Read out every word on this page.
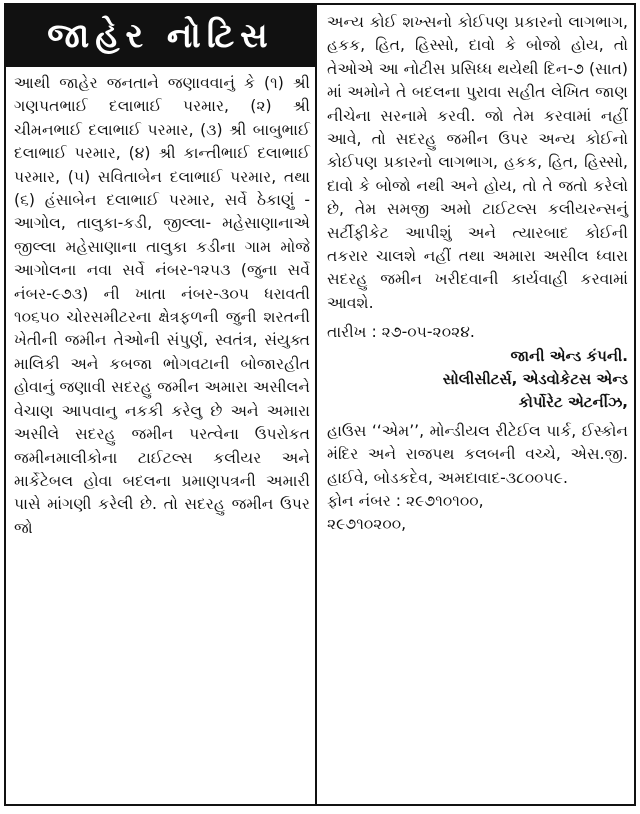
જાહેર નોટિસ

આથી જાહેર જનતાને જણાવવાનું કે (૧) શ્રી ગણપતભાઈ દલાભાઈ પરમાર, (૨) શ્રી ચીમનભાઈ દલાભાઈ પરમાર, (૩) શ્રી બાબુભાઈ દલાભાઈ પરમાર, (૪) શ્રી કાન્તીભાઈ દલાભાઈ પરમાર, (૫) સવિતાબેન દલાભાઈ પરમાર, તથા (૬) હંસાબેન દલાભાઈ પરમાર, સર્વે ઠેકાણું - આગોલ, તાલુકા-કડી, જીલ્લા- મહેસાણાનાએ જીલ્લા મહેસાણાના તાલુકા કડીના ગામ મોજે આગોલના નવા સર્વે નંબર-૧૨૫૩ (જુના સર્વે નંબર-૯૭૩) ની ખાતા નંબર-૩૦૫ ધરાવતી ૧૦૬૫૦ ચોરસમીટરના ક્ષેત્રફળની જુની શરતની ખેતીની જમીન તેઓની સંપુર્ણ, સ્વતંત્ર, સંયુક્ત માલિકી અને કબજા ભોગવટાની બોજારહીત હોવાનું જણાવી સદરહુ જમીન અમારા અસીલને વેચાણ આપવાનુ નકકી કરેલુ છે અને અમારા અસીલે સદરહુ જમીન પરત્વેના ઉપરોકત જમીનમાલીકોના ટાઈટલ્સ કલીયર અને માર્કેટેબલ હોવા બદલના પ્રમાણપત્રની અમારી પાસે માંગણી કરેલી છે. તો સદરહુ જમીન ઉપર જો

અન્ય કોઈ શખ્સનો કોઈપણ પ્રકારનો લાગભાગ, હકક, હિત, હિસ્સો, દાવો કે બોજો હોય, તો તેઓએ આ નોટીસ પ્રસિધ્ધ થયેથી દિન-૭ (સાત) માં અમોને તે બદલના પુરાવા સહીત લેખિત જાણ નીચેના સરનામે કરવી. જો તેમ કરવામાં નહીં આવે, તો સદરહુ જમીન ઉપર અન્ય કોઈનો કોઈપણ પ્રકારનો લાગભાગ, હકક, હિત, હિસ્સો, દાવો કે બોજો નથી અને હોય, તો તે જતો કરેલો છે, તેમ સમજી અમો ટાઈટલ્સ કલીયરન્સનું સર્ટીફીકેટ આપીશું અને ત્યારબાદ કોઈની તકરાર ચાલશે નહીં તથા અમારા અસીલ ધ્વારા સદરહુ જમીન ખરીદવાની કાર્યવાહી કરવામાં આવશે.

તારીખ : ૨૭-૦૫-૨૦૨૪.
જાની એન્ડ કંપની.
સોલીસીટર્સ, એડવોકેટસ એન્ડ
કોર્પોરેટ એટર્નીઝ,
હાઉસ ‘‘એમ’’, મોન્ડીયલ રીટેઈલ પાર્ક, ઈસ્કોન મંદિર અને રાજપથ કલબની વચ્ચે, એસ.જી. હાઈવે, બોડકદેવ, અમદાવાદ-૩૮૦૦૫૯.
ફોન નંબર : ૨૯૭૧૦૧૦૦,
૨૯૭૧૦૨૦૦,
